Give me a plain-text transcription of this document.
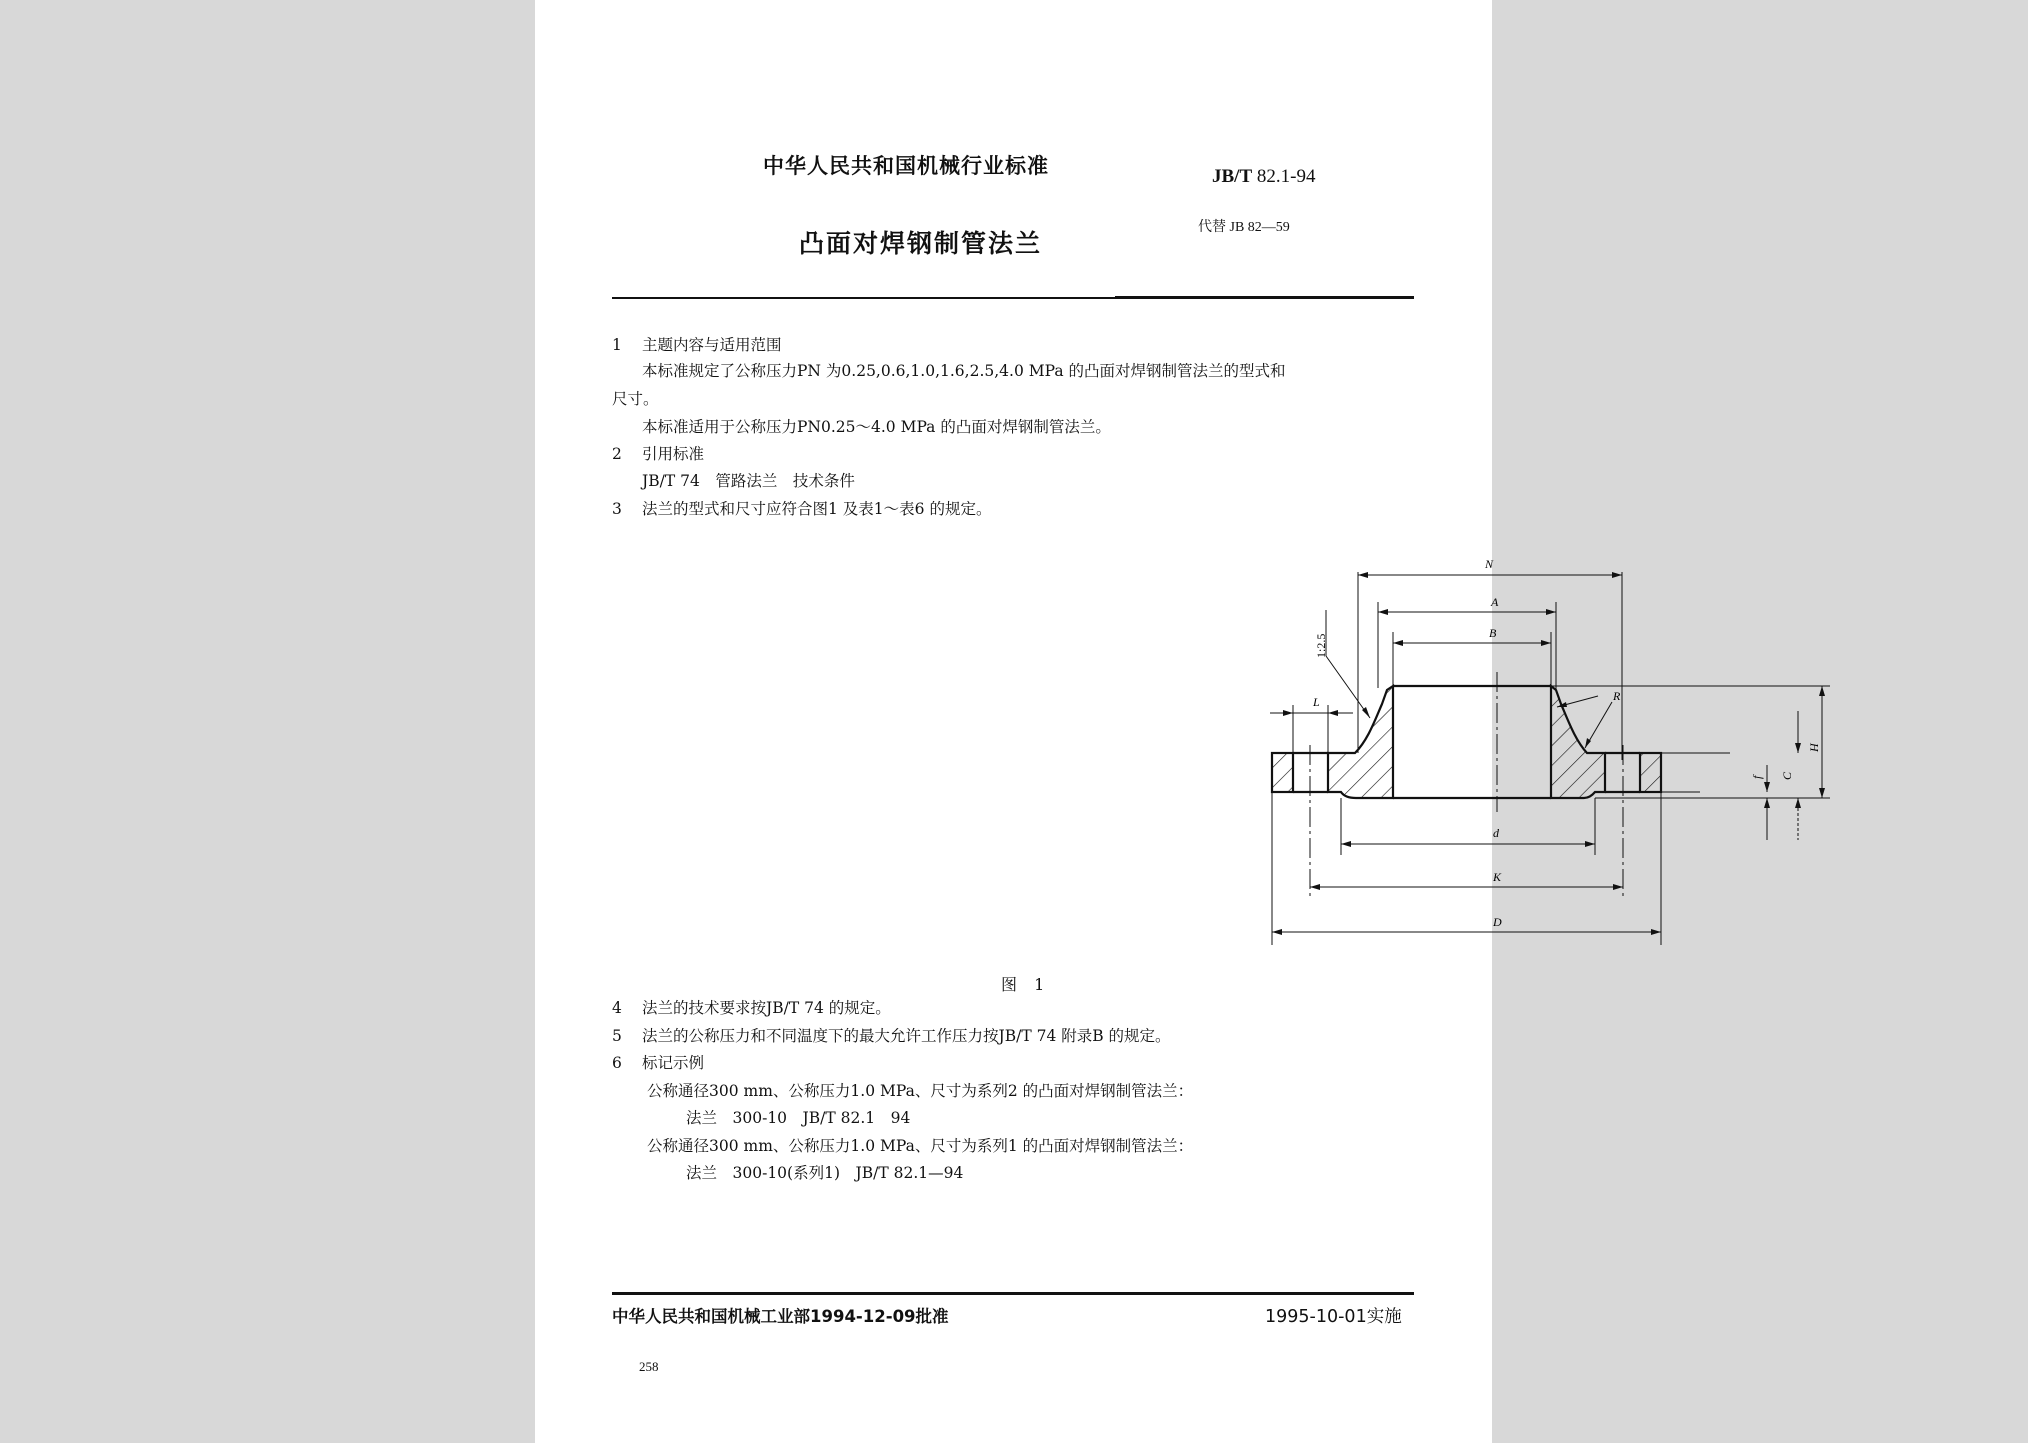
中华人民共和国机械行业标准	JB/T 82.1-94
凸面对焊钢制管法兰
代替 JB 82—59
1 主题内容与适用范围
本标准规定了公称压力PN 为0.25,0.6,1.0,1.6,2.5,4.0 MPa 的凸面对焊钢制管法兰的型式和
尺寸。
本标准适用于公称压力PN0.25～4.0 MPa 的凸面对焊钢制管法兰。
2 引用标准
JB/T 74　管路法兰　技术条件
3 法兰的型式和尺寸应符合图1 及表1～表6 的规定。
N
A
B
L
1:2.5
R
H
C
f
d
K
D
图 1
4 法兰的技术要求按JB/T 74 的规定。
5 法兰的公称压力和不同温度下的最大允许工作压力按JB/T 74 附录B 的规定。
6 标记示例
公称通径300 mm、公称压力1.0 MPa、尺寸为系列2 的凸面对焊钢制管法兰：
法兰　300-10　JB/T 82.1　94
公称通径300 mm、公称压力1.0 MPa、尺寸为系列1 的凸面对焊钢制管法兰：
法兰　300-10(系列1)　JB/T 82.1—94
中华人民共和国机械工业部1994-12-09批准	1995-10-01实施
258
